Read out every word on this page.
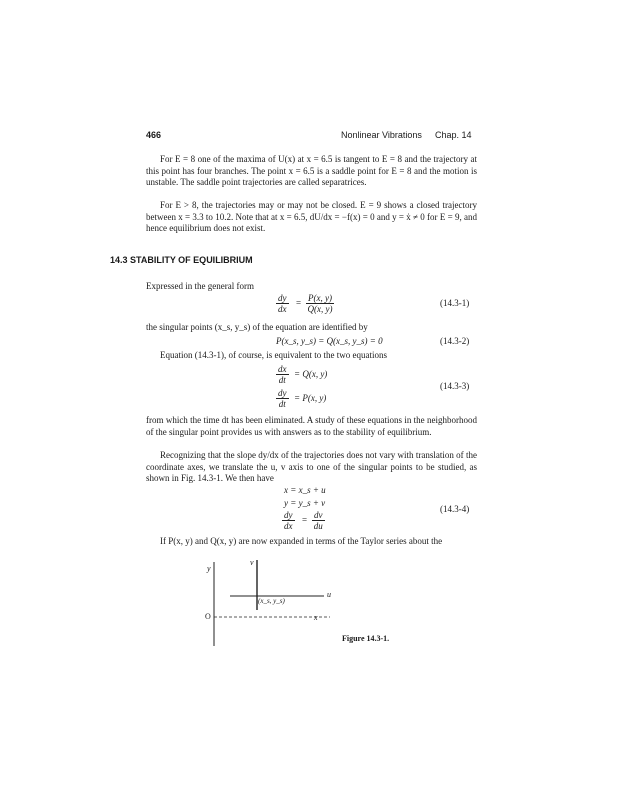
466	Nonlinear Vibrations Chap. 14

For E = 8 one of the maxima of U(x) at x = 6.5 is tangent to E = 8 and the trajectory at this point has four branches. The point x = 6.5 is a saddle point for E = 8 and the motion is unstable. The saddle point trajectories are called separatrices.

For E > 8, the trajectories may or may not be closed. E = 9 shows a closed trajectory between x = 3.3 to 10.2. Note that at x = 6.5, dU/dx = −f(x) = 0 and y = ẋ ≠ 0 for E = 9, and hence equilibrium does not exist.

14.3 STABILITY OF EQUILIBRIUM

Expressed in the general form

$\frac{dy}{dx} = \frac{P(x, y)}{Q(x, y)}$	(14.3-1)

the singular points (x_s, y_s) of the equation are identified by

P(x_s, y_s) = Q(x_s, y_s) = 0	(14.3-2)

Equation (14.3-1), of course, is equivalent to the two equations

$\frac{dx}{dt} = Q(x$, y)
$\frac{dy}{dt} = P(x$, y)
(14.3-3)

from which the time dt has been eliminated. A study of these equations in the neighborhood of the singular point provides us with answers as to the stability of equilibrium.

Recognizing that the slope dy/dx of the trajectories does not vary with translation of the coordinate axes, we translate the u, v axis to one of the singular points to be studied, as shown in Fig. 14.3-1. We then have

x = x_s + u
y = y_s + v
$\frac{dy}{dx} = \frac{dv}{du}$
(14.3-4)

If P(x, y) and Q(x, y) are now expanded in terms of the Taylor series about the

y
v
u
x
O
(x_s, y_s)
Figure 14.3-1.
